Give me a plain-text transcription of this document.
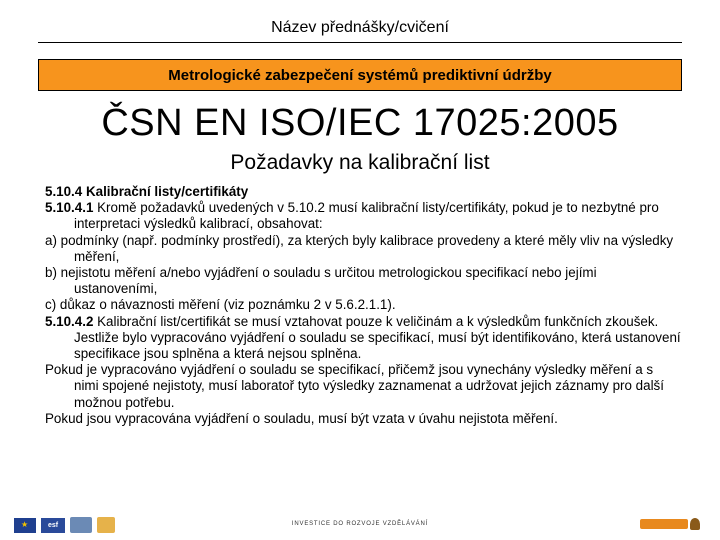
Název přednášky/cvičení
Metrologické zabezpečení systémů prediktivní údržby
ČSN EN ISO/IEC 17025:2005
Požadavky na kalibrační list

5.10.4 Kalibrační listy/certifikáty

5.10.4.1 Kromě požadavků uvedených v 5.10.2 musí kalibrační listy/certifikáty, pokud je to nezbytné pro interpretaci výsledků kalibrací, obsahovat:

a) podmínky (např. podmínky prostředí), za kterých byly kalibrace provedeny a které měly vliv na výsledky měření,

b) nejistotu měření a/nebo vyjádření o souladu s určitou metrologickou specifikací nebo jejími ustanoveními,

c) důkaz o návaznosti měření (viz poznámku 2 v 5.6.2.1.1).

5.10.4.2 Kalibrační list/certifikát se musí vztahovat pouze k veličinám a k výsledkům funkčních zkoušek. Jestliže bylo vypracováno vyjádření o souladu se specifikací, musí být identifikováno, která ustanovení specifikace jsou splněna a která nejsou splněna.

Pokud je vypracováno vyjádření o souladu se specifikací, přičemž jsou vynechány výsledky měření a s nimi spojené nejistoty, musí laboratoř tyto výsledky zaznamenat a udržovat jejich záznamy pro další možnou potřebu.

Pokud jsou vypracována vyjádření o souladu, musí být vzata v úvahu nejistota měření.

★
esf	INVESTICE DO ROZVOJE VZDĚLÁVÁNÍ
